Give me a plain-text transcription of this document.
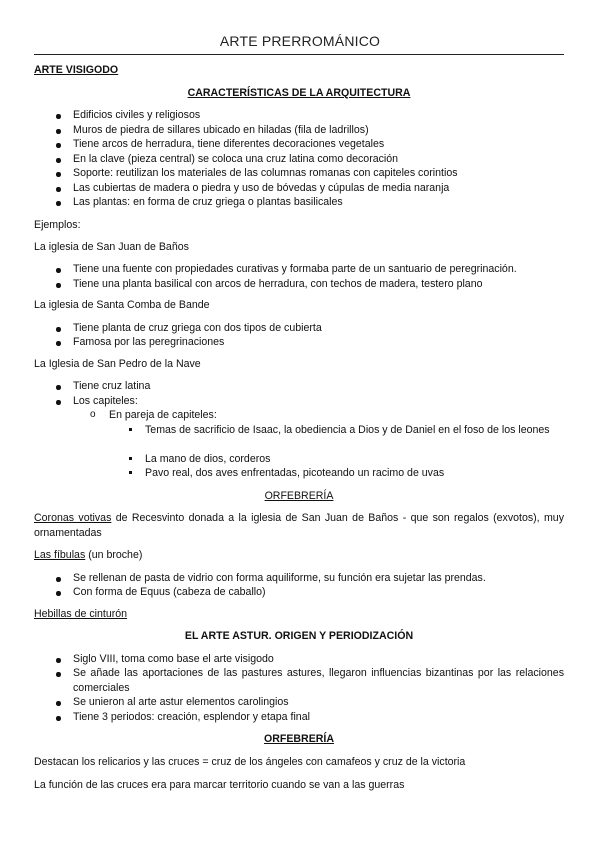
ARTE PRERROMÁNICO
ARTE VISIGODO
CARACTERÍSTICAS DE LA ARQUITECTURA
Edificios civiles y religiosos
Muros de piedra de sillares ubicado en hiladas (fila de ladrillos)
Tiene arcos de herradura, tiene diferentes decoraciones vegetales
En la clave (pieza central) se coloca una cruz latina como decoración
Soporte: reutilizan los materiales de las columnas romanas con capiteles corintios
Las cubiertas de madera o piedra y uso de bóvedas y cúpulas de media naranja
Las plantas: en forma de cruz griega o plantas basilicales
Ejemplos:
La iglesia de San Juan de Baños
Tiene una fuente con propiedades curativas y formaba parte de un santuario de peregrinación.
Tiene una planta basilical con arcos de herradura, con techos de madera, testero plano
La iglesia de Santa Comba de Bande
Tiene planta de cruz griega con dos tipos de cubierta
Famosa por las peregrinaciones
La Iglesia de San Pedro de la Nave
Tiene cruz latina
Los capiteles:
o En pareja de capiteles:
Temas de sacrificio de Isaac, la obediencia a Dios y de Daniel en el foso de los leones
La mano de dios, corderos
Pavo real, dos aves enfrentadas, picoteando un racimo de uvas
ORFEBRERÍA
Coronas votivas de Recesvinto donada a la iglesia de San Juan de Baños - que son regalos (exvotos), muy ornamentadas
Las fíbulas (un broche)
Se rellenan de pasta de vidrio con forma aquiliforme, su función era sujetar las prendas.
Con forma de Equus (cabeza de caballo)
Hebillas de cinturón
EL ARTE ASTUR. ORIGEN Y PERIODIZACIÓN
Siglo VIII, toma como base el arte visigodo
Se añade las aportaciones de las pastures astures, llegaron influencias bizantinas por las relaciones comerciales
Se unieron al arte astur elementos carolingios
Tiene 3 periodos: creación, esplendor y etapa final
ORFEBRERÍA
Destacan los relicarios y las cruces = cruz de los ángeles con camafeos y cruz de la victoria
La función de las cruces era para marcar territorio cuando se van a las guerras
